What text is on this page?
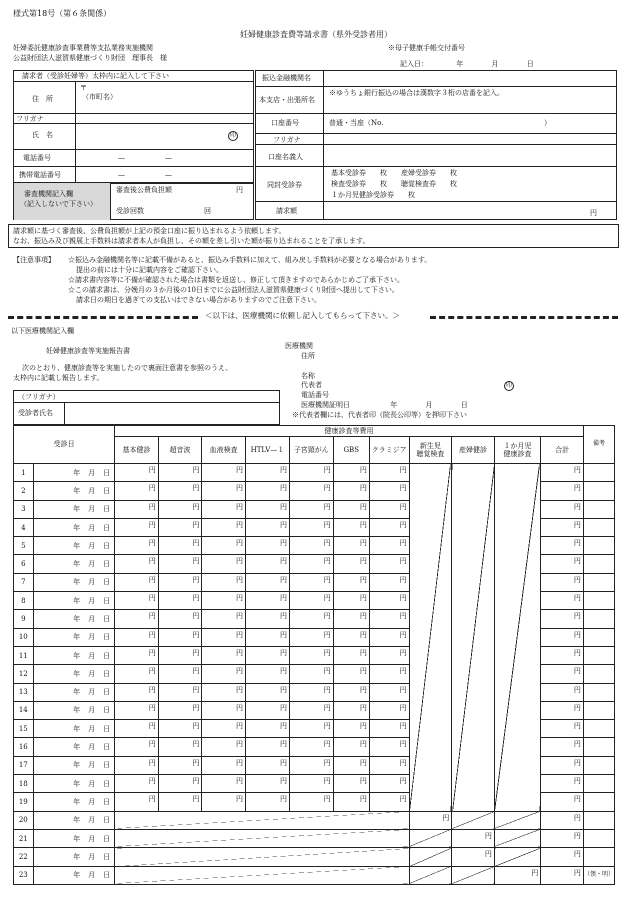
様式第18号（第６条関係）
妊婦健康診査費等請求書（県外受診者用）
妊婦委託健康診査事業費等支払業務実施機関
公益財団法人滋賀県健康づくり財団　理事長　様
※母子健康手帳交付番号
記入日：	年	月	日
請求者（受診妊婦等）太枠内に記入して下さい
住　所
〒
（市町名）
フリガナ
氏　名	印
電話番号	—	—
携帯電話番号	—	—
審査機関記入欄
（記入しないで下さい）
審査後公費負担額	円
受診回数	回
振込金融機関名
本支店・出張所名
※ゆうちょ銀行振込の場合は漢数字３桁の店番を記入。
口座番号	普通・当座（No.	）
フリガナ
口座名義人
同封受診券
基本受診券　　枚　　産婦受診券　　枚
検査受診券　　枚　　聴覚検査券　　枚
１か月児健診受診券　　枚
請求額	円
請求額に基づく審査後、公費負担額が上記の預金口座に振り込まれるよう依頼します。
なお、振込み及び親展上手数料は請求者本人が負担し、その額を差し引いた額が振り込まれることを了承します。
【注意事項】 ☆振込み金融機関名等に記載不備があると、振込み手数料に加えて、組み戻し手数料が必要となる場合があります。
提出の前には十分に記載内容をご確認下さい。
☆請求書内容等に不備が確認された場合は書類を返送し、修正して頂きますのであらかじめご了承下さい。
☆この請求書は、分娩月の３か月後の10日までに公益財団法人滋賀県健康づくり財団へ提出して下さい。
請求日の期日を過ぎての支払いはできない場合がありますのでご注意下さい。
＜以下は、医療機関に依頼し記入してもらって下さい。＞
以下医療機関記入欄
妊婦健康診査等実施報告書
次のとおり、健康診査等を実施したので裏面注意書を参照のうえ、
太枠内に記載し報告します。
医療機関
住所
名称
代表者	印
電話番号
医療機関証明日	年	月	日
※代表者欄には、代表者印（院長公印等）を押印下さい
（フリガナ）
受診者氏名
受診日		健康診査等費用											備考
		基本健診	超音波	血液検査	HTLV—１	子宮頸がん	GBS	クラミジア	新生児
聴覚検査	産婦健診	１か月児
健康診査	合計	
1	年 月 日	円	円	円	円	円	円	円				円	

2	年 月 日	円	円	円	円	円	円	円				円	

3	年 月 日	円	円	円	円	円	円	円				円	

4	年 月 日	円	円	円	円	円	円	円				円	

5	年 月 日	円	円	円	円	円	円	円				円	

6	年 月 日	円	円	円	円	円	円	円				円	

7	年 月 日	円	円	円	円	円	円	円				円	

8	年 月 日	円	円	円	円	円	円	円				円	

9	年 月 日	円	円	円	円	円	円	円				円	

10	年 月 日	円	円	円	円	円	円	円				円	

11	年 月 日	円	円	円	円	円	円	円				円	

12	年 月 日	円	円	円	円	円	円	円				円	

13	年 月 日	円	円	円	円	円	円	円				円	

14	年 月 日	円	円	円	円	円	円	円				円	

15	年 月 日	円	円	円	円	円	円	円				円	

16	年 月 日	円	円	円	円	円	円	円				円	

17	年 月 日	円	円	円	円	円	円	円				円	

18	年 月 日	円	円	円	円	円	円	円				円	

19	年 月 日	円	円	円	円	円	円	円				円	

20	年 月 日								円			円	

21	年 月 日									円		円	

22	年 月 日									円		円	

23	年 月 日										円	円	（領・明）
